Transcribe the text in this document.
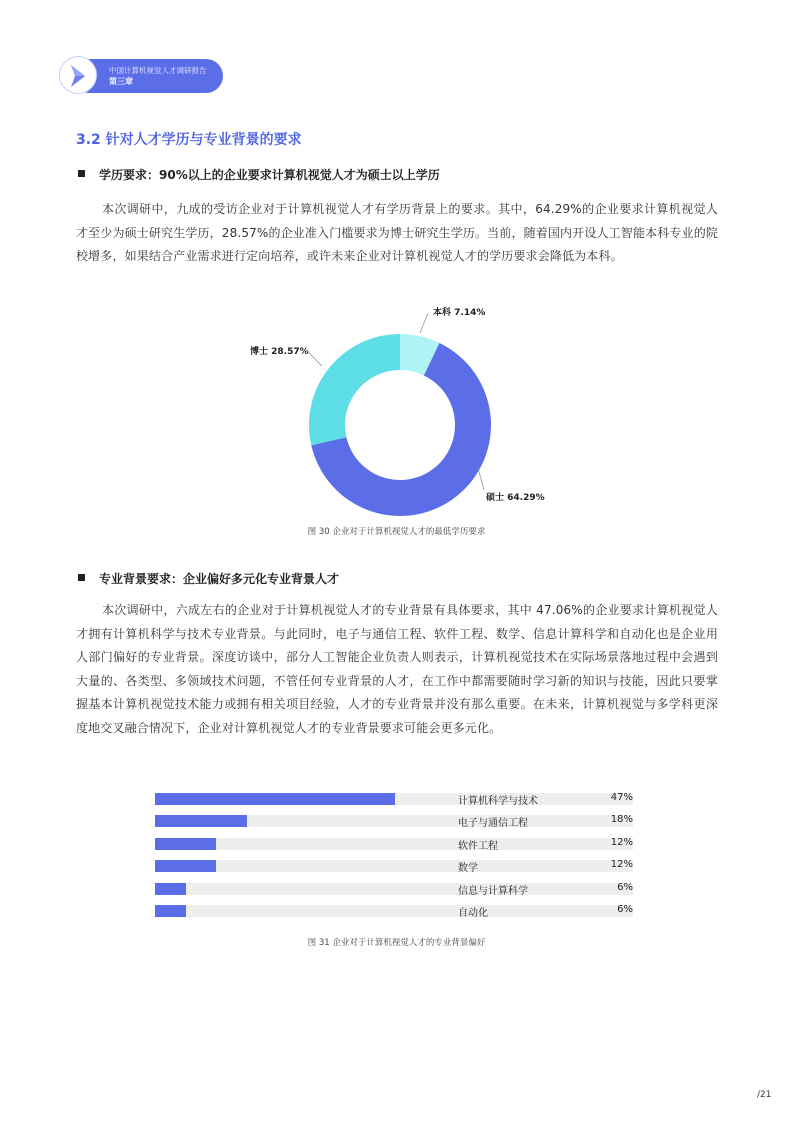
中国计算机视觉人才调研报告
第三章
3.2 针对人才学历与专业背景的要求
学历要求：90%以上的企业要求计算机视觉人才为硕士以上学历
本次调研中，九成的受访企业对于计算机视觉人才有学历背景上的要求。其中，64.29%的企业要求计算机视觉人才至少为硕士研究生学历，28.57%的企业准入门槛要求为博士研究生学历。当前，随着国内开设人工智能本科专业的院校增多，如果结合产业需求进行定向培养，或许未来企业对计算机视觉人才的学历要求会降低为本科。
本科 7.14%
硕士 64.29%
博士 28.57%
图 30 企业对于计算机视觉人才的最低学历要求
专业背景要求：企业偏好多元化专业背景人才
本次调研中，六成左右的企业对于计算机视觉人才的专业背景有具体要求，其中 47.06%的企业要求计算机视觉人才拥有计算机科学与技术专业背景。与此同时，电子与通信工程、软件工程、数学、信息计算科学和自动化也是企业用人部门偏好的专业背景。深度访谈中，部分人工智能企业负责人则表示，计算机视觉技术在实际场景落地过程中会遇到大量的、各类型、多领域技术问题，不管任何专业背景的人才，在工作中都需要随时学习新的知识与技能，因此只要掌握基本计算机视觉技术能力或拥有相关项目经验，人才的专业背景并没有那么重要。在未来，计算机视觉与多学科更深度地交叉融合情况下，企业对计算机视觉人才的专业背景要求可能会更多元化。
计算机科学与技术	47%
电子与通信工程	18%
软件工程	12%
数学	12%
信息与计算科学	6%
自动化	6%
图 31 企业对于计算机视觉人才的专业背景偏好
/21
